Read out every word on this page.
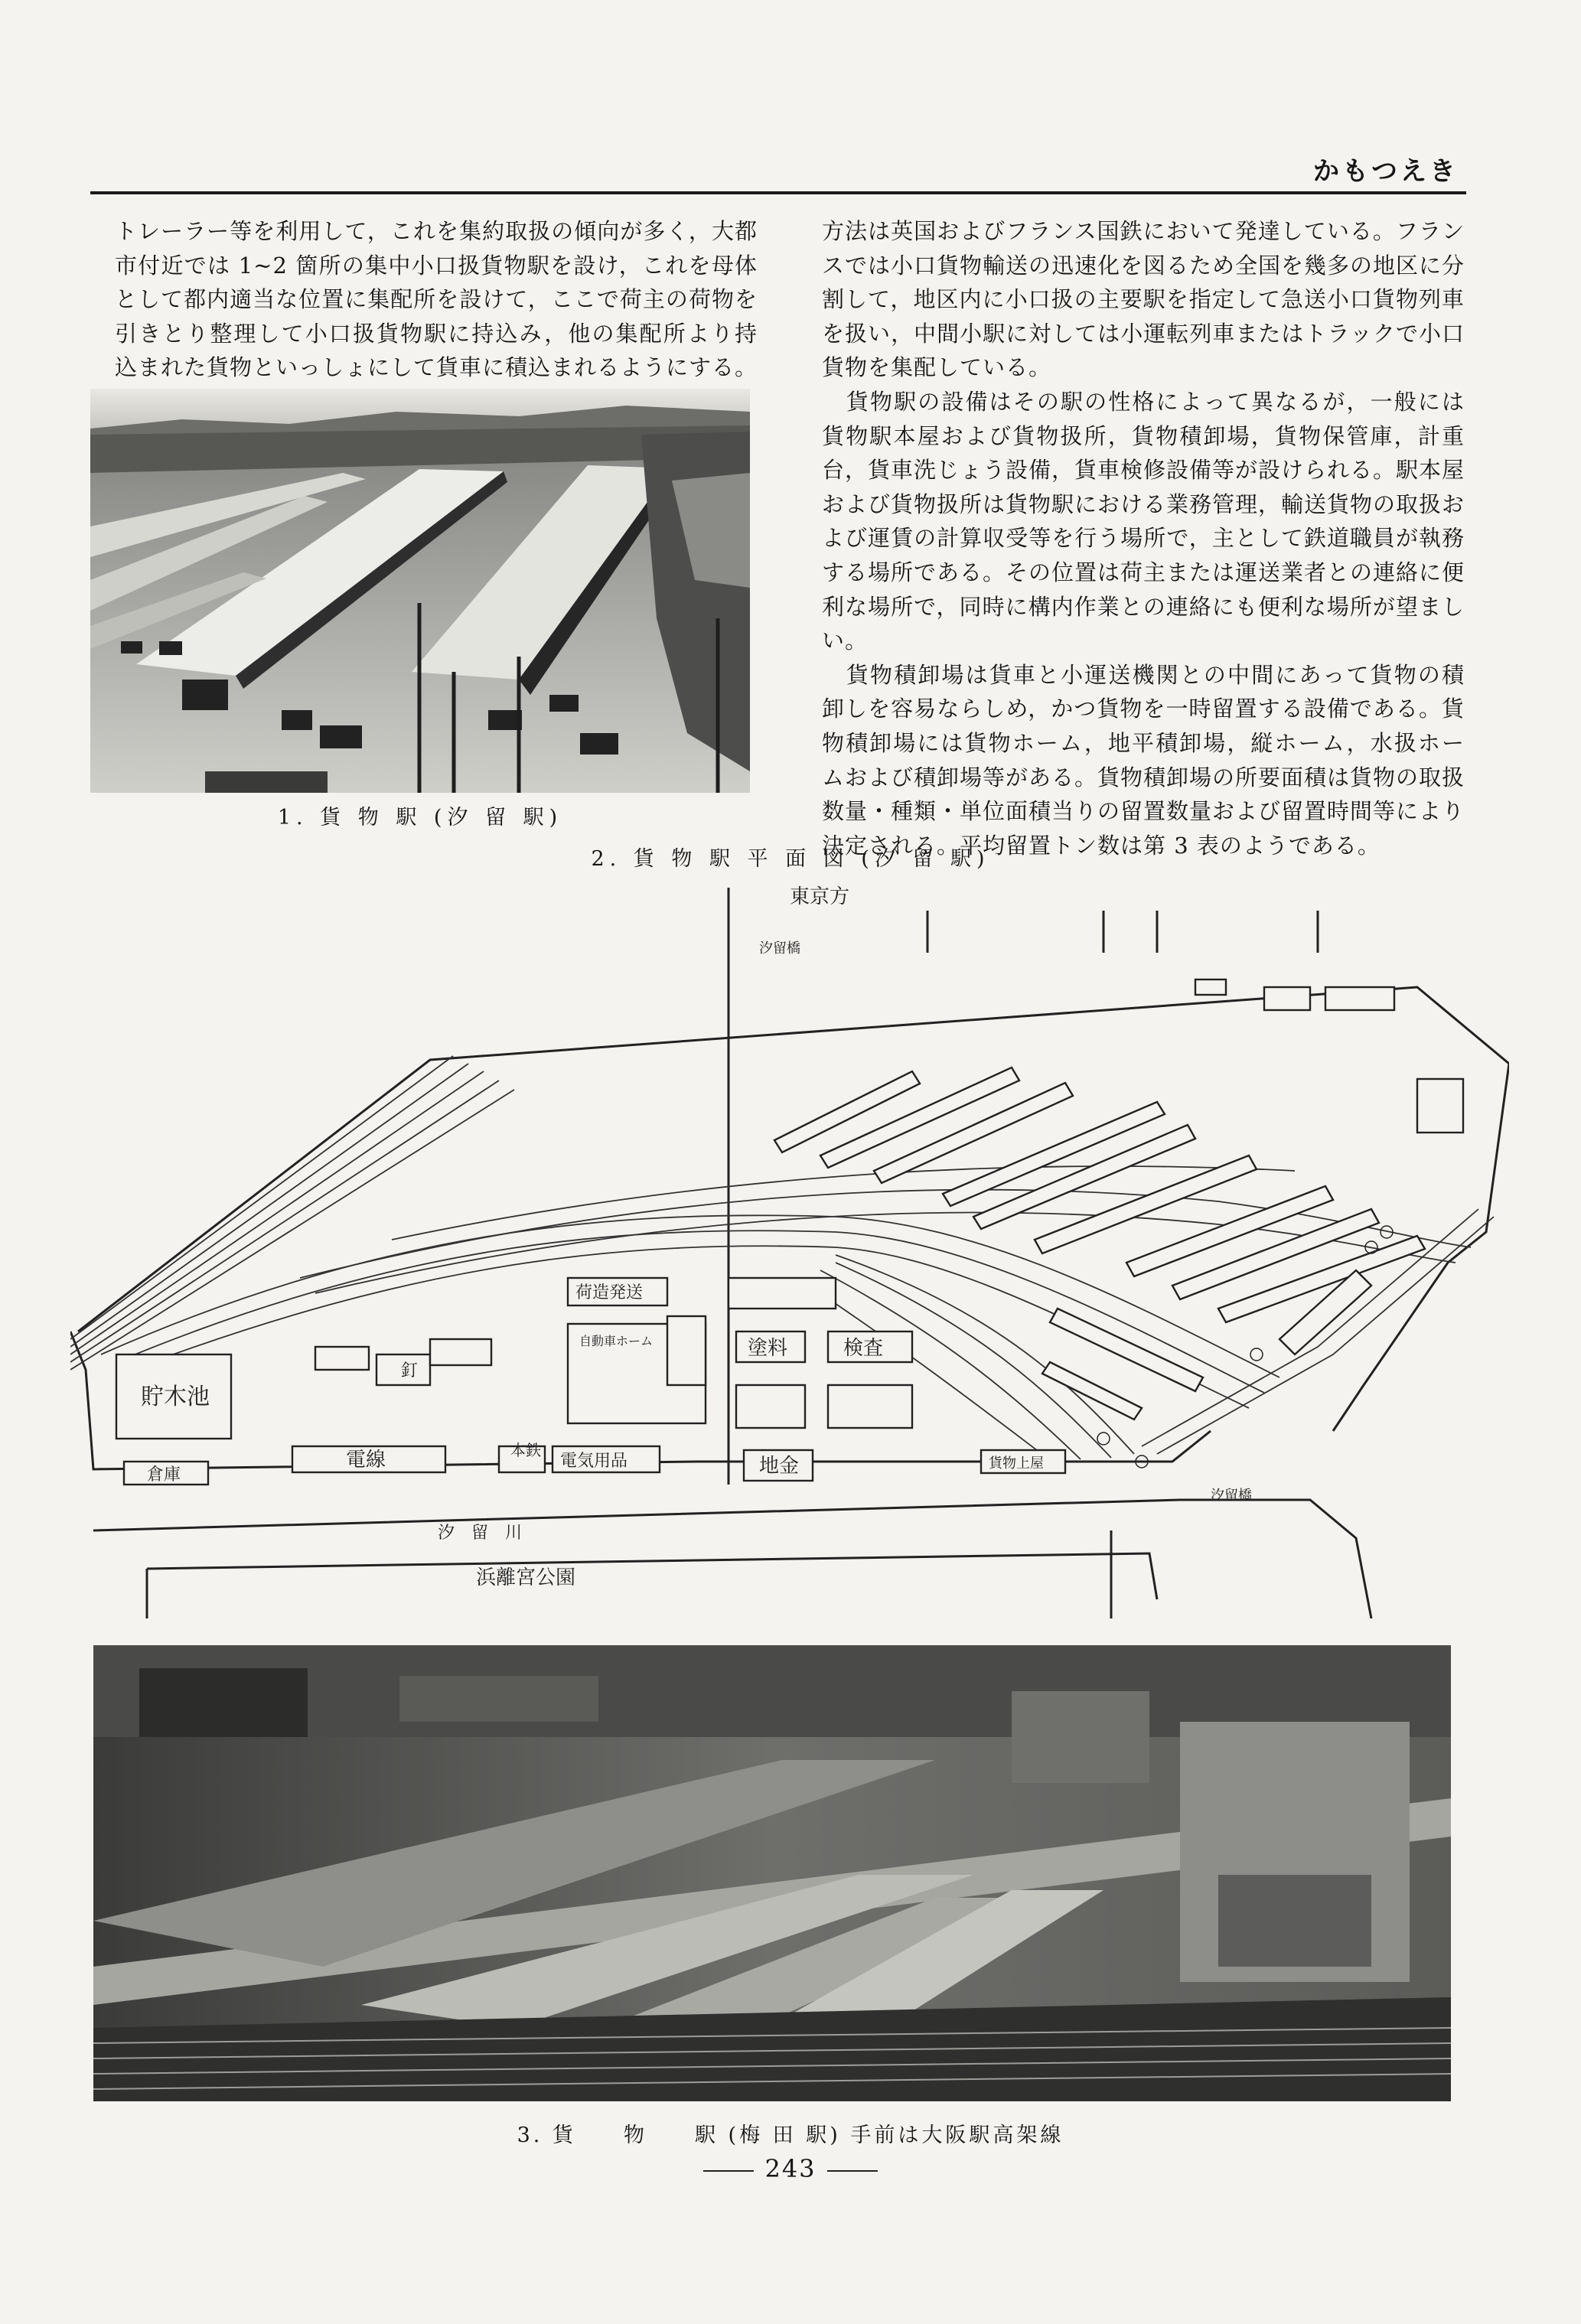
かもつえき

トレーラー等を利用して，これを集約取扱の傾向が多く，大都市付近では 1~2 箇所の集中小口扱貨物駅を設け，これを母体として都内適当な位置に集配所を設けて，ここで荷主の荷物を引きとり整理して小口扱貨物駅に持込み，他の集配所より持込まれた貨物といっしょにして貨車に積込まれるようにする。

1. 貨 物 駅 (汐 留 駅)

方法は英国およびフランス国鉄において発達している。フランスでは小口貨物輸送の迅速化を図るため全国を幾多の地区に分割して，地区内に小口扱の主要駅を指定して急送小口貨物列車を扱い，中間小駅に対しては小運転列車またはトラックで小口貨物を集配している。

貨物駅の設備はその駅の性格によって異なるが，一般には貨物駅本屋および貨物扱所，貨物積卸場，貨物保管庫，計重台，貨車洗じょう設備，貨車検修設備等が設けられる。駅本屋および貨物扱所は貨物駅における業務管理，輸送貨物の取扱および運賃の計算収受等を行う場所で，主として鉄道職員が執務する場所である。その位置は荷主または運送業者との連絡に便利な場所で，同時に構内作業との連絡にも便利な場所が望ましい。

貨物積卸場は貨車と小運送機関との中間にあって貨物の積卸しを容易ならしめ，かつ貨物を一時留置する設備である。貨物積卸場には貨物ホーム，地平積卸場，縦ホーム，水扱ホームおよび積卸場等がある。貨物積卸場の所要面積は貨物の取扱数量・種類・単位面積当りの留置数量および留置時間等により決定される。平均留置トン数は第 3 表のようである。

2. 貨 物 駅 平 面 図 (汐 留 駅)
東京方
貯木池
倉庫
荷造発送
自動車ホーム	塗料	検査
電線	電気用品	地金
汐　留　川
浜離宮公園
貨物上屋
汐留橋
汐留橋
本鉄
釘
3. 貨　　物　　駅 (梅 田 駅) 手前は大阪駅高架線
243
